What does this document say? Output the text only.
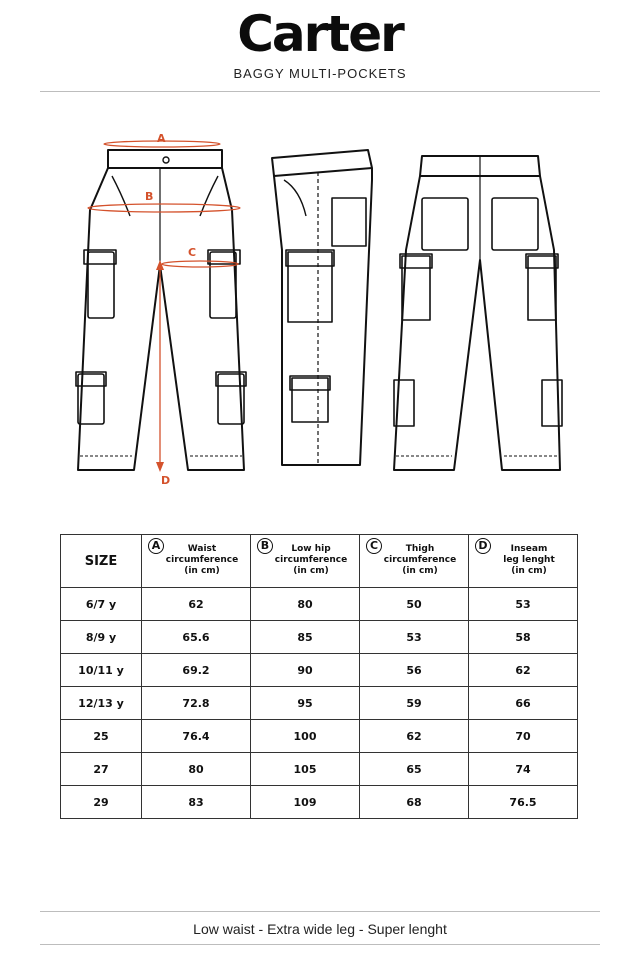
Carter
BAGGY MULTI-POCKETS
A
B
C
D
SIZE	A Waist
circumference
(in cm)	B Low hip
circumference
(in cm)	C Thigh
circumference
(in cm)	D Inseam
leg lenght
(in cm)

6/7 y	62	80	50	53
8/9 y	65.6	85	53	58
10/11 y	69.2	90	56	62
12/13 y	72.8	95	59	66
25	76.4	100	62	70
27	80	105	65	74
29	83	109	68	76.5
Low waist - Extra wide leg - Super lenght
